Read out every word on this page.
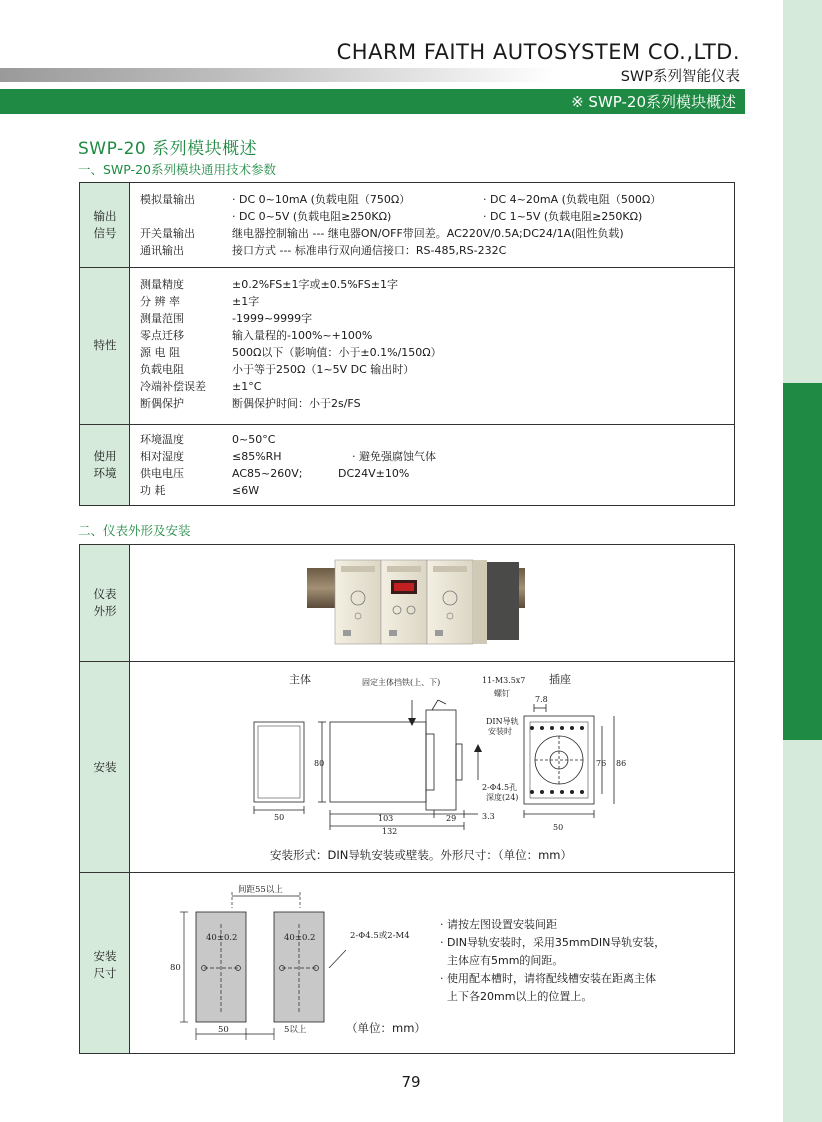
CHARM FAITH AUTOSYSTEM CO.,LTD.
SWP系列智能仪表
※ SWP-20系列模块概述
SWP-20 系列模块概述
一、SWP-20系列模块通用技术参数
输出
信号
模拟量输出	· DC 0~10mA (负载电阻（750Ω）	· DC 4~20mA (负载电阻（500Ω）
· DC 0~5V (负载电阻≥250KΩ)	· DC 1~5V (负载电阻≥250KΩ)
开关量输出	继电器控制输出 --- 继电器ON/OFF带回差。AC220V/0.5A;DC24/1A(阻性负载)
通讯输出	接口方式 --- 标准串行双向通信接口：RS-485,RS-232C
特性
测量精度	±0.2%FS±1字或±0.5%FS±1字
分 辨 率	±1字
测量范围	-1999~9999字
零点迁移	输入量程的-100%~+100%
源 电 阻	500Ω以下（影响值：小于±0.1%/150Ω）
负载电阻	小于等于250Ω（1~5V DC 输出时）
冷端补偿误差 ±1°C
断偶保护	断偶保护时间：小于2s/FS
使用
环境
环境温度	0~50°C
相对湿度	≤85%RH	· 避免强腐蚀气体
供电电压	AC85~260V;	DC24V±10%
功 耗	≤6W
二、仪表外形及安装
仪表
外形
安装
安装
尺寸
主体	插座
固定主体挡铁(上、下)	11-M3.5x7
螺钉
DIN导轨
安装时
2-Φ4.5孔
深度(24)
50
80
103	29	3.3
132
7.8
76 86
50
安装形式：DIN导轨安装或壁装。外形尺寸：（单位：mm）
间距55以上
40±0.2	40±0.2	2-Φ4.5或2-M4
80
50	5以上	（单位：mm）
· 请按左图设置安装间距
· DIN导轨安装时，采用35mmDIN导轨安装，
主体应有5mm的间距。
· 使用配本槽时，请将配线槽安装在距离主体
上下各20mm以上的位置上。
79
